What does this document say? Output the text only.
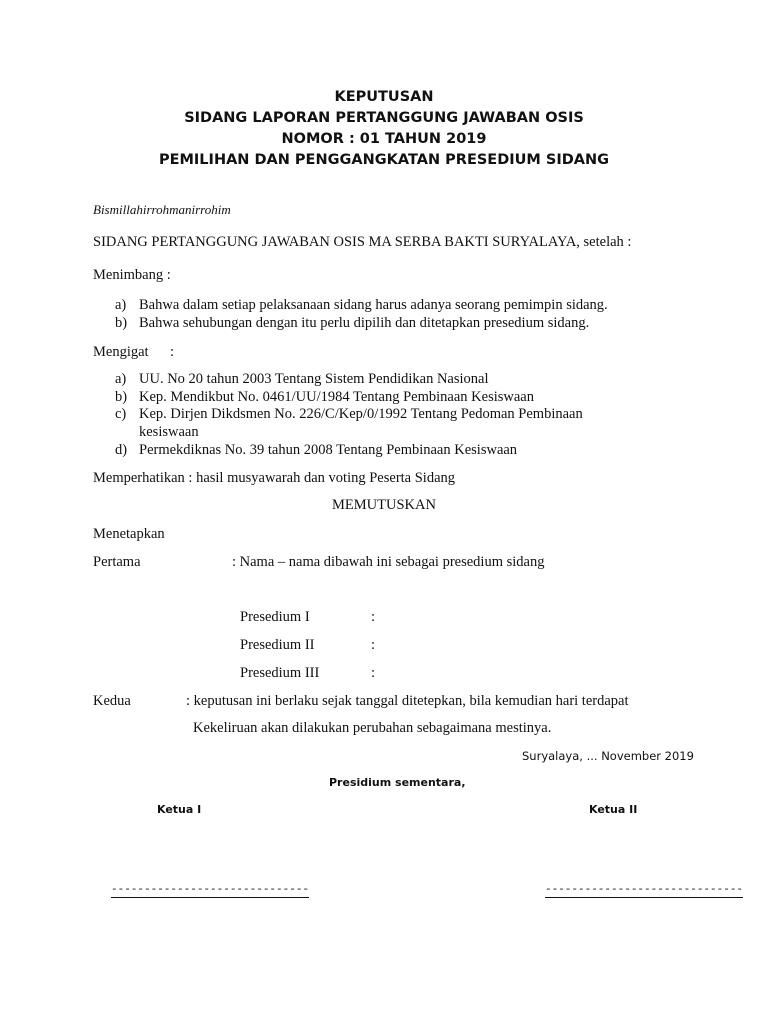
KEPUTUSAN
SIDANG LAPORAN PERTANGGUNG JAWABAN OSIS
NOMOR : 01 TAHUN 2019
PEMILIHAN DAN PENGGANGKATAN PRESEDIUM SIDANG
Bismillahirrohmanirrohim
SIDANG PERTANGGUNG JAWABAN OSIS MA SERBA BAKTI SURYALAYA, setelah :
Menimbang :
a) Bahwa dalam setiap pelaksanaan sidang harus adanya seorang pemimpin sidang.
b) Bahwa sehubungan dengan itu perlu dipilih dan ditetapkan presedium sidang.
Mengigat :
a) UU. No 20 tahun 2003 Tentang Sistem Pendidikan Nasional
b) Kep. Mendikbut No. 0461/UU/1984 Tentang Pembinaan Kesiswaan
c) Kep. Dirjen Dikdsmen No. 226/C/Kep/0/1992 Tentang Pedoman Pembinaan
kesiswaan
d) Permekdiknas No. 39 tahun 2008 Tentang Pembinaan Kesiswaan
Memperhatikan : hasil musyawarah dan voting Peserta Sidang
MEMUTUSKAN
Menetapkan
Pertama	: Nama – nama dibawah ini sebagai presedium sidang
Presedium I	:
Presedium II	:
Presedium III	:
Kedua	: keputusan ini berlaku sejak tanggal ditetepkan, bila kemudian hari terdapat
Kekeliruan akan dilakukan perubahan sebagaimana mestinya.
Suryalaya, ... November 2019
Presidium sementara,
Ketua I	Ketua II
------------------------------	------------------------------
